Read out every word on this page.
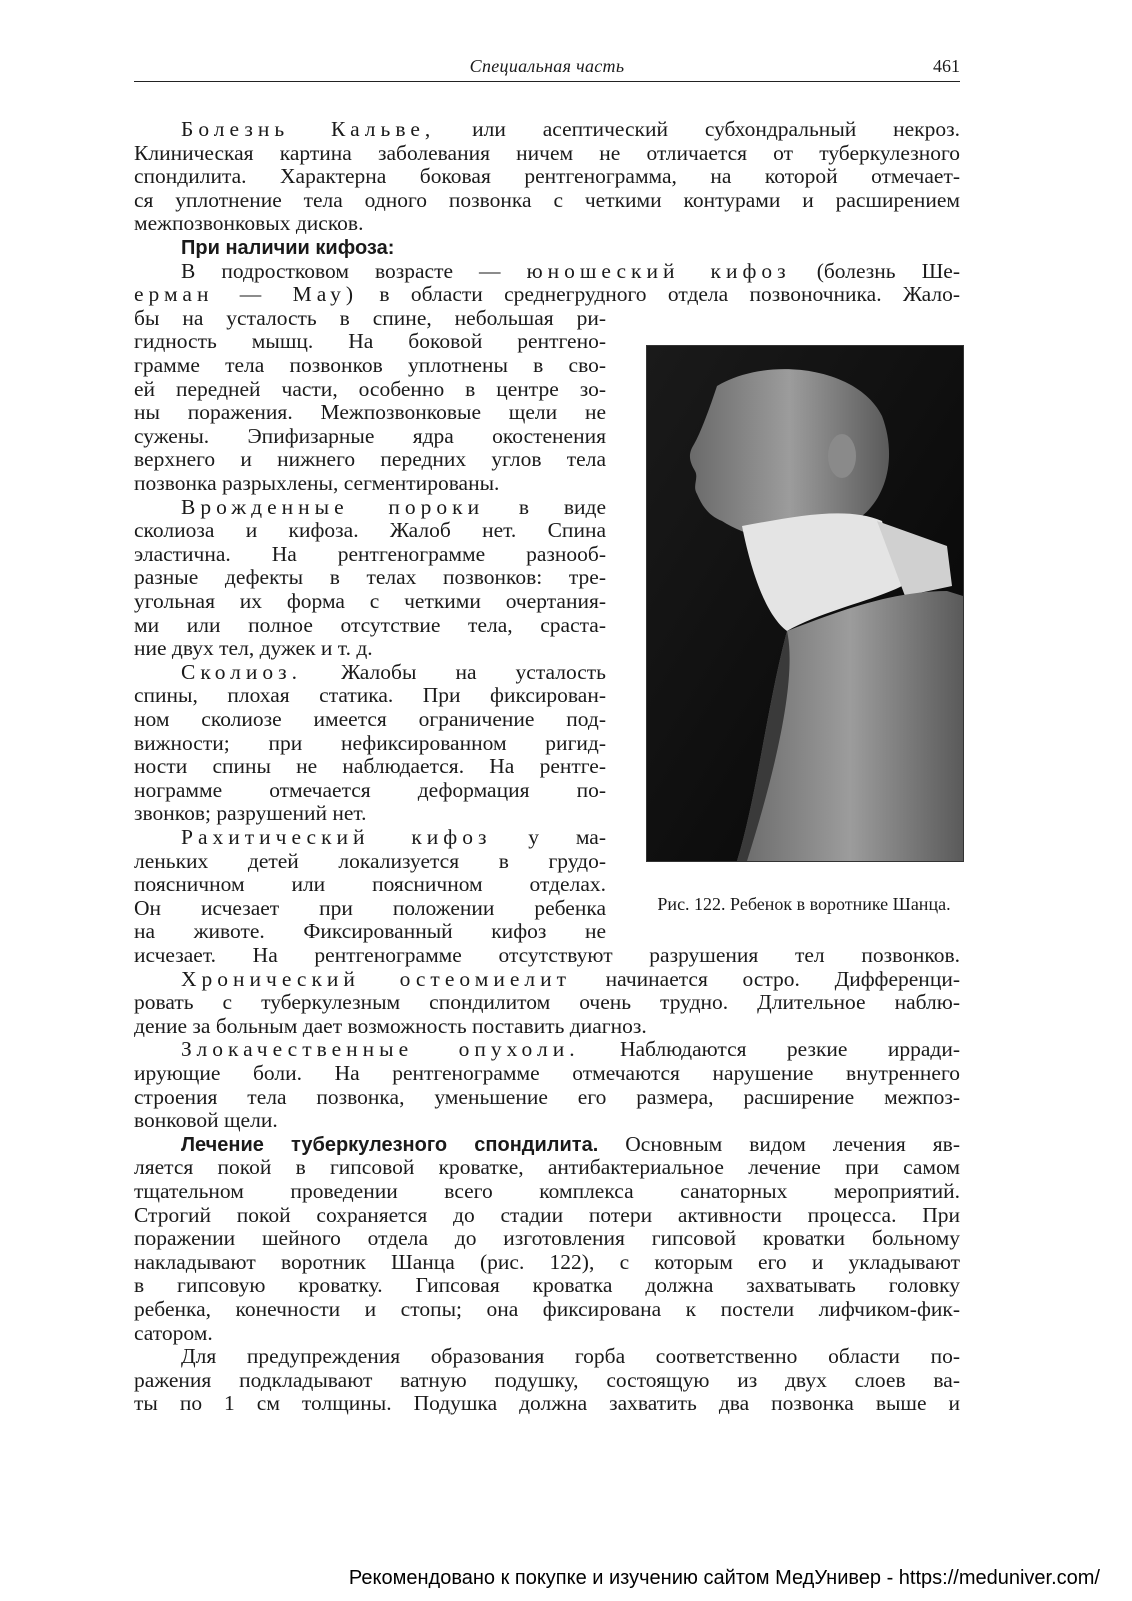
Специальная часть	461
Болезнь Кальве, или асептический субхондральный некроз.
Клиническая картина заболевания ничем не отличается от туберкулезного
спондилита. Характерна боковая рентгенограмма, на которой отмечает-
ся уплотнение тела одного позвонка с четкими контурами и расширением
межпозвонковых дисков.
При наличии кифоза:
В подростковом возрасте — юношеский кифоз (болезнь Ше-
ерман — Мау) в области среднегрудного отдела позвоночника. Жало-
бы на усталость в спине, небольшая ри-
гидность мышц. На боковой рентгено-
грамме тела позвонков уплотнены в сво-
ей передней части, особенно в центре зо-
ны поражения. Межпозвонковые щели не
сужены. Эпифизарные ядра окостенения
верхнего и нижнего передних углов тела
позвонка разрыхлены, сегментированы.
Врожденные пороки в виде
сколиоза и кифоза. Жалоб нет. Спина
эластична. На рентгенограмме разнооб-
разные дефекты в телах позвонков: тре-
угольная их форма с четкими очертания-
ми или полное отсутствие тела, сраста-
ние двух тел, дужек и т. д.
Сколиоз. Жалобы на усталость
спины, плохая статика. При фиксирован-
ном сколиозе имеется ограничение под-
вижности; при нефиксированном ригид-
ности спины не наблюдается. На рентге-
нограмме отмечается деформация по-
звонков; разрушений нет.
Рахитический кифоз у ма-
леньких детей локализуется в грудо-
поясничном или поясничном отделах.
Он исчезает при положении ребенка
на животе. Фиксированный кифоз не
исчезает. На рентгенограмме отсутствуют разрушения тел позвонков.
Хронический остеомиелит начинается остро. Дифференци-
ровать с туберкулезным спондилитом очень трудно. Длительное наблю-
дение за больным дает возможность поставить диагноз.
Злокачественные опухоли. Наблюдаются резкие ирради-
ирующие боли. На рентгенограмме отмечаются нарушение внутреннего
строения тела позвонка, уменьшение его размера, расширение межпоз-
вонковой щели.
Лечение туберкулезного спондилита. Основным видом лечения яв-
ляется покой в гипсовой кроватке, антибактериальное лечение при самом
тщательном проведении всего комплекса санаторных мероприятий.
Строгий покой сохраняется до стадии потери активности процесса. При
поражении шейного отдела до изготовления гипсовой кроватки больному
накладывают воротник Шанца (рис. 122), с которым его и укладывают
в гипсовую кроватку. Гипсовая кроватка должна захватывать головку
ребенка, конечности и стопы; она фиксирована к постели лифчиком-фик-
сатором.
Для предупреждения образования горба соответственно области по-
ражения подкладывают ватную подушку, состоящую из двух слоев ва-
ты по 1 см толщины. Подушка должна захватить два позвонка выше и
Рис. 122. Ребенок в воротнике Шанца.
Рекомендовано к покупке и изучению сайтом МедУнивер - https://meduniver.com/
